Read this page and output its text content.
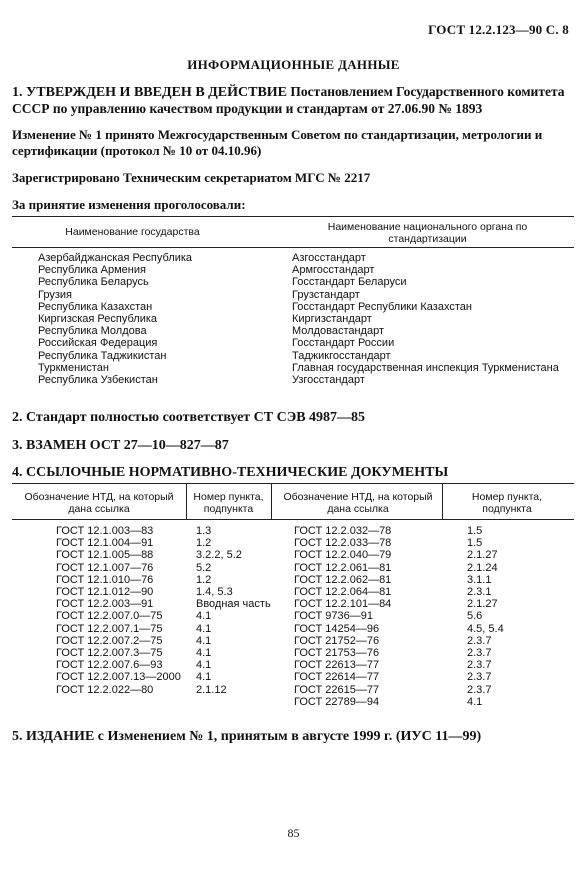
ГОСТ 12.2.123—90 С. 8
ИНФОРМАЦИОННЫЕ ДАННЫЕ
1. УТВЕРЖДЕН И ВВЕДЕН В ДЕЙСТВИЕ Постановлением Государственного комитета СССР по управлению качеством продукции и стандартам от 27.06.90 № 1893
Изменение № 1 принято Межгосударственным Советом по стандартизации, метрологии и сертификации (протокол № 10 от 04.10.96)
Зарегистрировано Техническим секретариатом МГС № 2217
За принятие изменения проголосовали:
Наименование государства	Наименование национального органа по стандартизации
Азербайджанская Республика
Республика Армения
Республика Беларусь
Грузия
Республика Казахстан
Киргизская Республика
Республика Молдова
Российская Федерация
Республика Таджикистан
Туркменистан
Республика Узбекистан
Азгосстандарт
Армгосстандарт
Госстандарт Беларуси
Грузстандарт
Госстандарт Республики Казахстан
Киргизстандарт
Молдовастандарт
Госстандарт России
Таджикгосстандарт
Главная государственная инспекция Туркменистана
Узгосстандарт
2. Стандарт полностью соответствует СТ СЭВ 4987—85
3. ВЗАМЕН ОСТ 27—10—827—87
4. ССЫЛОЧНЫЕ НОРМАТИВНО-ТЕХНИЧЕСКИЕ ДОКУМЕНТЫ
Обозначение НТД, на который дана ссылка
Номер пункта, подпункта
Обозначение НТД, на который дана ссылка
Номер пункта, подпункта
ГОСТ 12.1.003—83
ГОСТ 12.1.004—91
ГОСТ 12.1.005—88
ГОСТ 12.1.007—76
ГОСТ 12.1.010—76
ГОСТ 12.1.012—90
ГОСТ 12.2.003—91
ГОСТ 12.2.007.0—75
ГОСТ 12.2.007.1—75
ГОСТ 12.2.007.2—75
ГОСТ 12.2.007.3—75
ГОСТ 12.2.007.6—93
ГОСТ 12.2.007.13—2000
ГОСТ 12.2.022—80
1.3
1.2
3.2.2, 5.2
5.2
1.2
1.4, 5.3
Вводная часть
4.1
4.1
4.1
4.1
4.1
4.1
2.1.12
ГОСТ 12.2.032—78
ГОСТ 12.2.033—78
ГОСТ 12.2.040—79
ГОСТ 12.2.061—81
ГОСТ 12.2.062—81
ГОСТ 12.2.064—81
ГОСТ 12.2.101—84
ГОСТ 9736—91
ГОСТ 14254—96
ГОСТ 21752—76
ГОСТ 21753—76
ГОСТ 22613—77
ГОСТ 22614—77
ГОСТ 22615—77
ГОСТ 22789—94
1.5
1.5
2.1.27
2.1.24
3.1.1
2.3.1
2.1.27
5.6
4.5, 5.4
2.3.7
2.3.7
2.3.7
2.3.7
2.3.7
4.1
5. ИЗДАНИЕ с Изменением № 1, принятым в августе 1999 г. (ИУС 11—99)
85
